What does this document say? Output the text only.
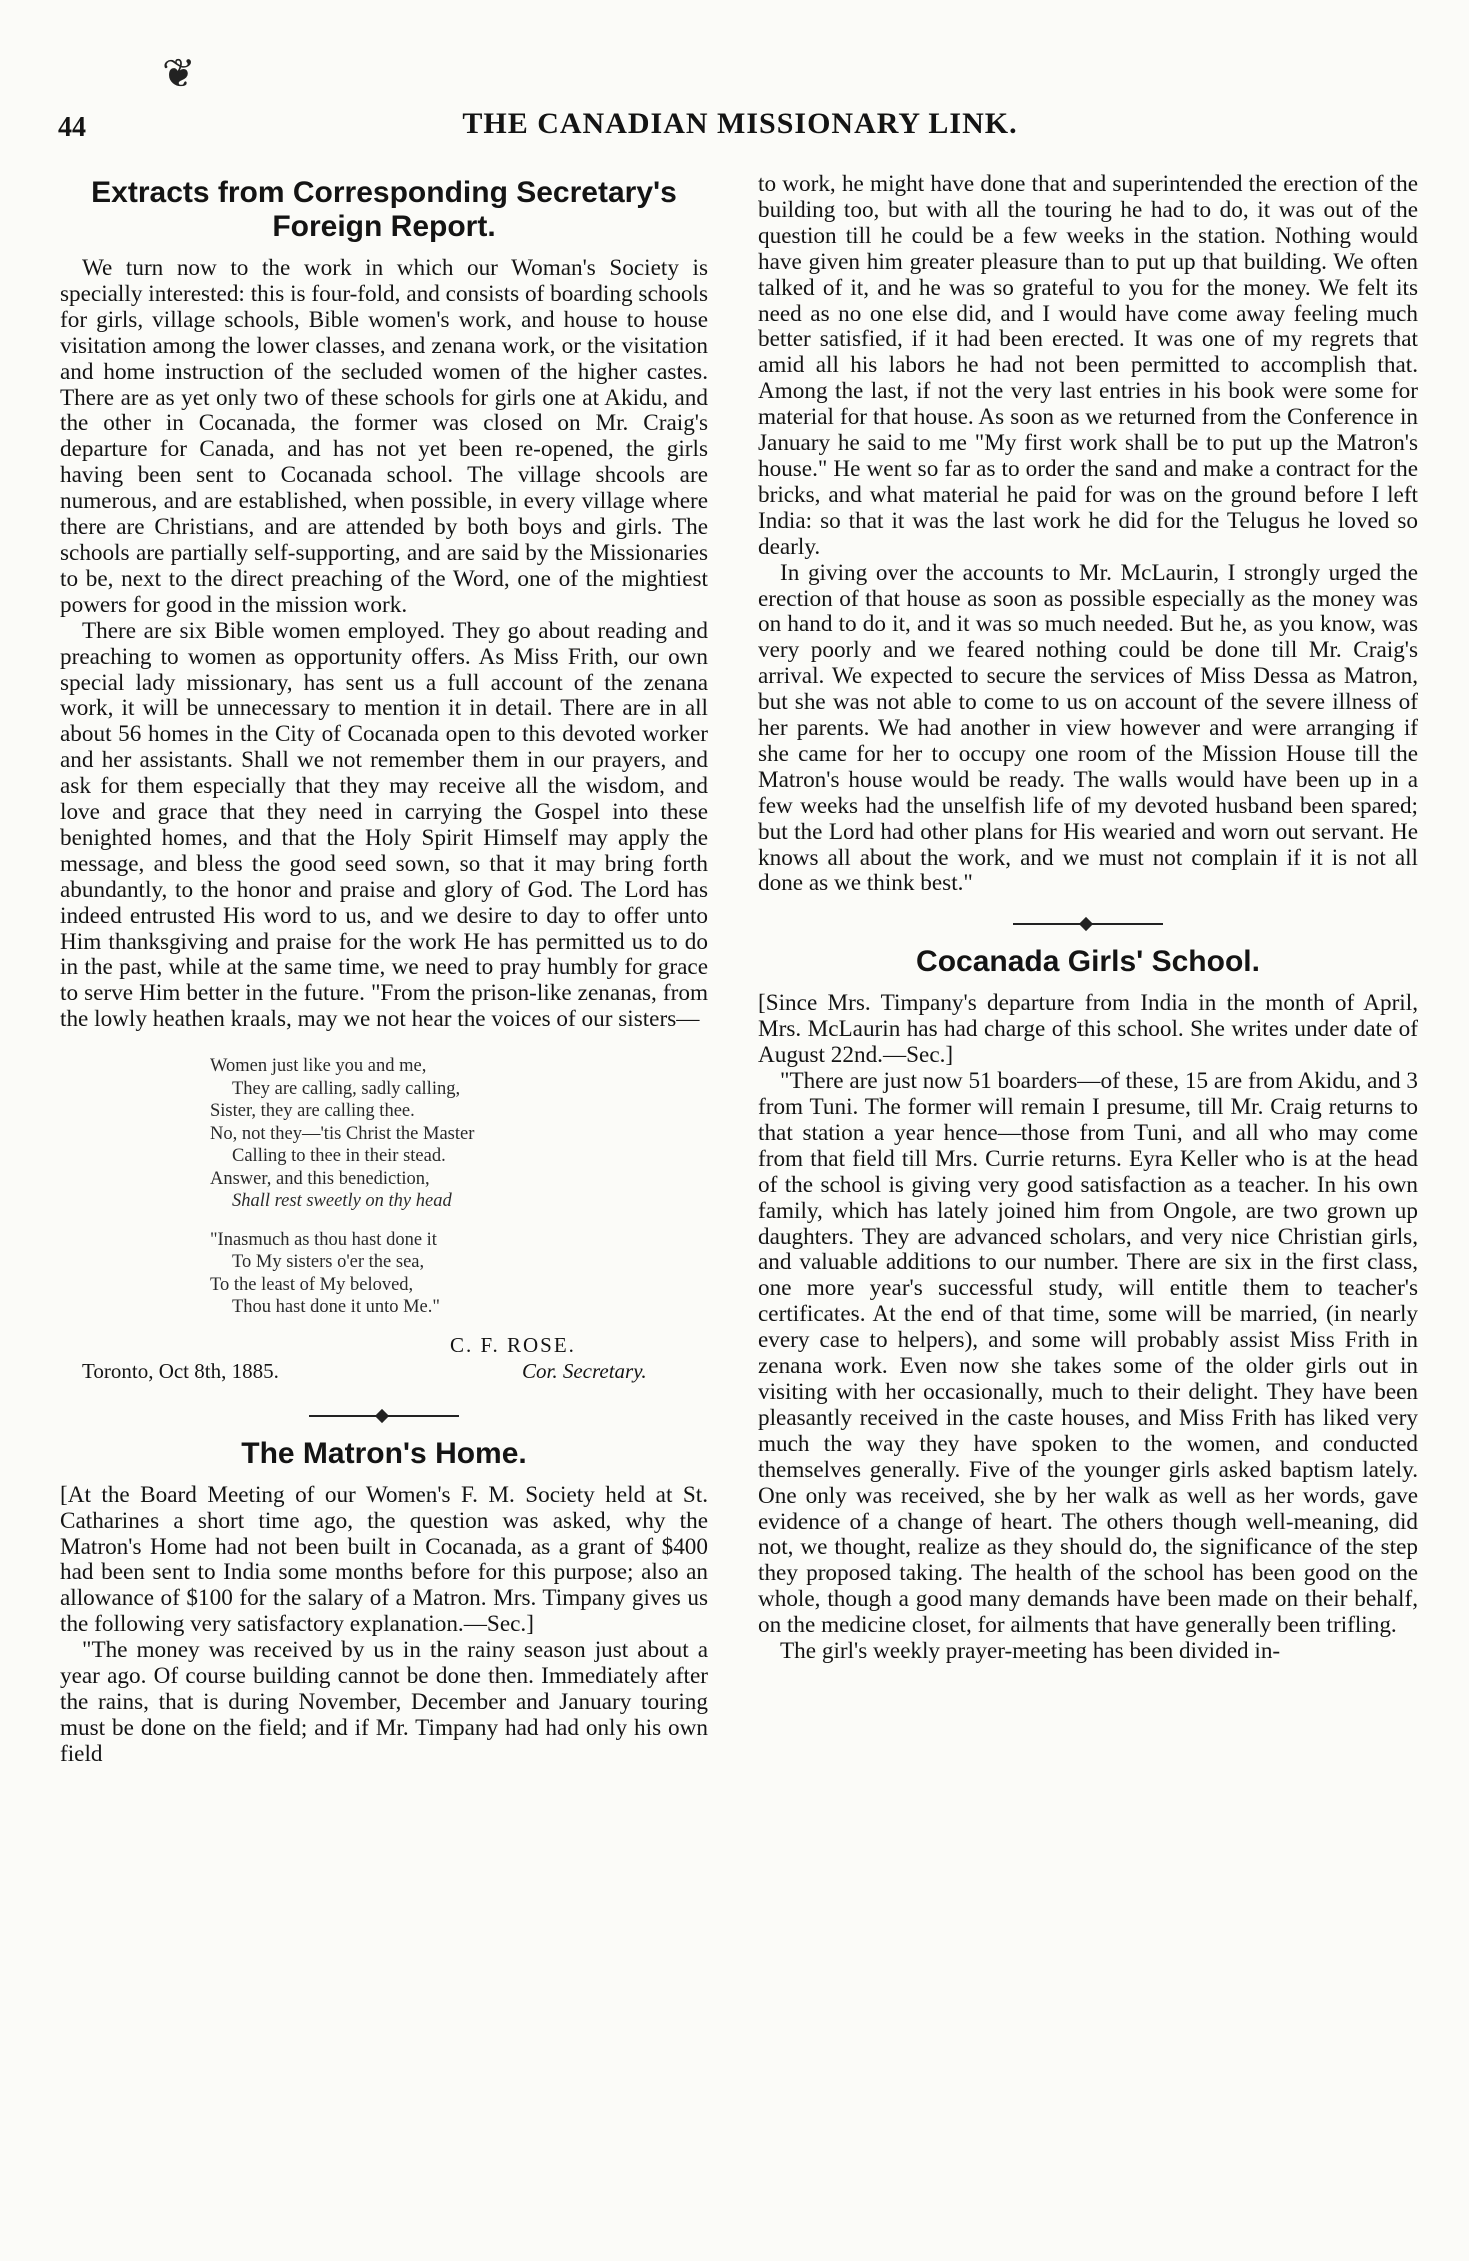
❦
44	THE CANADIAN MISSIONARY LINK.
Extracts from Corresponding Secretary's
Foreign Report.

We turn now to the work in which our Woman's Society is specially interested: this is four-fold, and consists of boarding schools for girls, village schools, Bible women's work, and house to house visitation among the lower classes, and zenana work, or the visitation and home instruction of the secluded women of the higher castes. There are as yet only two of these schools for girls one at Akidu, and the other in Cocanada, the former was closed on Mr. Craig's departure for Canada, and has not yet been re-opened, the girls having been sent to Cocanada school. The village shcools are numerous, and are established, when possible, in every village where there are Christians, and are attended by both boys and girls. The schools are partially self-supporting, and are said by the Missionaries to be, next to the direct preaching of the Word, one of the mightiest powers for good in the mission work.

There are six Bible women employed. They go about reading and preaching to women as opportunity offers. As Miss Frith, our own special lady missionary, has sent us a full account of the zenana work, it will be unnecessary to mention it in detail. There are in all about 56 homes in the City of Cocanada open to this devoted worker and her assistants. Shall we not remember them in our prayers, and ask for them especially that they may receive all the wisdom, and love and grace that they need in carrying the Gospel into these benighted homes, and that the Holy Spirit Himself may apply the message, and bless the good seed sown, so that it may bring forth abundantly, to the honor and praise and glory of God. The Lord has indeed entrusted His word to us, and we desire to day to offer unto Him thanksgiving and praise for the work He has permitted us to do in the past, while at the same time, we need to pray humbly for grace to serve Him better in the future. "From the prison-like zenanas, from the lowly heathen kraals, may we not hear the voices of our sisters—

Women just like you and me,
They are calling, sadly calling,
Sister, they are calling thee.
No, not they—'tis Christ the Master
Calling to thee in their stead.
Answer, and this benediction,
Shall rest sweetly on thy head
"Inasmuch as thou hast done it
To My sisters o'er the sea,
To the least of My beloved,
Thou hast done it unto Me."
C. F. ROSE.
Toronto, Oct 8th, 1885.	Cor. Secretary.
The Matron's Home.

[At the Board Meeting of our Women's F. M. Society held at St. Catharines a short time ago, the question was asked, why the Matron's Home had not been built in Cocanada, as a grant of $400 had been sent to India some months before for this purpose; also an allowance of $100 for the salary of a Matron. Mrs. Timpany gives us the following very satisfactory explanation.—Sec.]

"The money was received by us in the rainy season just about a year ago. Of course building cannot be done then. Immediately after the rains, that is during November, December and January touring must be done on the field; and if Mr. Timpany had had only his own field

to work, he might have done that and superintended the erection of the building too, but with all the touring he had to do, it was out of the question till he could be a few weeks in the station. Nothing would have given him greater pleasure than to put up that building. We often talked of it, and he was so grateful to you for the money. We felt its need as no one else did, and I would have come away feeling much better satisfied, if it had been erected. It was one of my regrets that amid all his labors he had not been permitted to accomplish that. Among the last, if not the very last entries in his book were some for material for that house. As soon as we returned from the Conference in January he said to me "My first work shall be to put up the Matron's house." He went so far as to order the sand and make a contract for the bricks, and what material he paid for was on the ground before I left India: so that it was the last work he did for the Telugus he loved so dearly.

In giving over the accounts to Mr. McLaurin, I strongly urged the erection of that house as soon as possible especially as the money was on hand to do it, and it was so much needed. But he, as you know, was very poorly and we feared nothing could be done till Mr. Craig's arrival. We expected to secure the services of Miss Dessa as Matron, but she was not able to come to us on account of the severe illness of her parents. We had another in view however and were arranging if she came for her to occupy one room of the Mission House till the Matron's house would be ready. The walls would have been up in a few weeks had the unselfish life of my devoted husband been spared; but the Lord had other plans for His wearied and worn out servant. He knows all about the work, and we must not complain if it is not all done as we think best."

Cocanada Girls' School.

[Since Mrs. Timpany's departure from India in the month of April, Mrs. McLaurin has had charge of this school. She writes under date of August 22nd.—Sec.]

"There are just now 51 boarders—of these, 15 are from Akidu, and 3 from Tuni. The former will remain I presume, till Mr. Craig returns to that station a year hence—those from Tuni, and all who may come from that field till Mrs. Currie returns. Eyra Keller who is at the head of the school is giving very good satisfaction as a teacher. In his own family, which has lately joined him from Ongole, are two grown up daughters. They are advanced scholars, and very nice Christian girls, and valuable additions to our number. There are six in the first class, one more year's successful study, will entitle them to teacher's certificates. At the end of that time, some will be married, (in nearly every case to helpers), and some will probably assist Miss Frith in zenana work. Even now she takes some of the older girls out in visiting with her occasionally, much to their delight. They have been pleasantly received in the caste houses, and Miss Frith has liked very much the way they have spoken to the women, and conducted themselves generally. Five of the younger girls asked baptism lately. One only was received, she by her walk as well as her words, gave evidence of a change of heart. The others though well-meaning, did not, we thought, realize as they should do, the significance of the step they proposed taking. The health of the school has been good on the whole, though a good many demands have been made on their behalf, on the medicine closet, for ailments that have generally been trifling.

The girl's weekly prayer-meeting has been divided in-
